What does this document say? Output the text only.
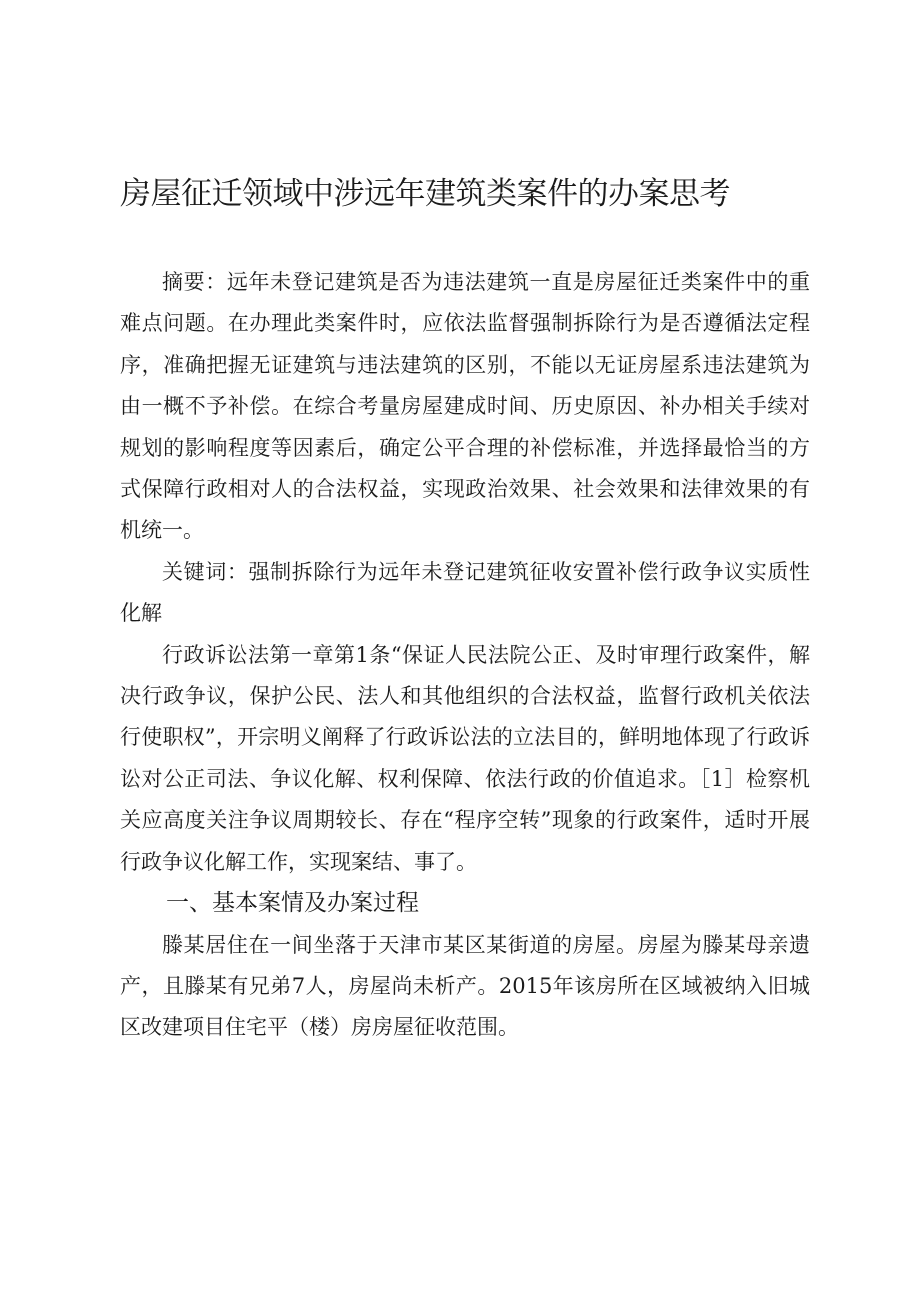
房屋征迁领域中涉远年建筑类案件的办案思考

摘要：远年未登记建筑是否为违法建筑一直是房屋征迁类案件中的重难点问题。在办理此类案件时，应依法监督强制拆除行为是否遵循法定程序，准确把握无证建筑与违法建筑的区别，不能以无证房屋系违法建筑为由一概不予补偿。在综合考量房屋建成时间、历史原因、补办相关手续对规划的影响程度等因素后，确定公平合理的补偿标准，并选择最恰当的方式保障行政相对人的合法权益，实现政治效果、社会效果和法律效果的有机统一。

关键词：强制拆除行为远年未登记建筑征收安置补偿行政争议实质性化解

行政诉讼法第一章第1条“保证人民法院公正、及时审理行政案件，解决行政争议，保护公民、法人和其他组织的合法权益，监督行政机关依法行使职权”，开宗明义阐释了行政诉讼法的立法目的，鲜明地体现了行政诉讼对公正司法、争议化解、权利保障、依法行政的价值追求。［1］检察机关应高度关注争议周期较长、存在“程序空转”现象的行政案件，适时开展行政争议化解工作，实现案结、事了。

一、基本案情及办案过程

滕某居住在一间坐落于天津市某区某街道的房屋。房屋为滕某母亲遗产，且滕某有兄弟7人，房屋尚未析产。2015年该房所在区域被纳入旧城区改建项目住宅平（楼）房房屋征收范围。
